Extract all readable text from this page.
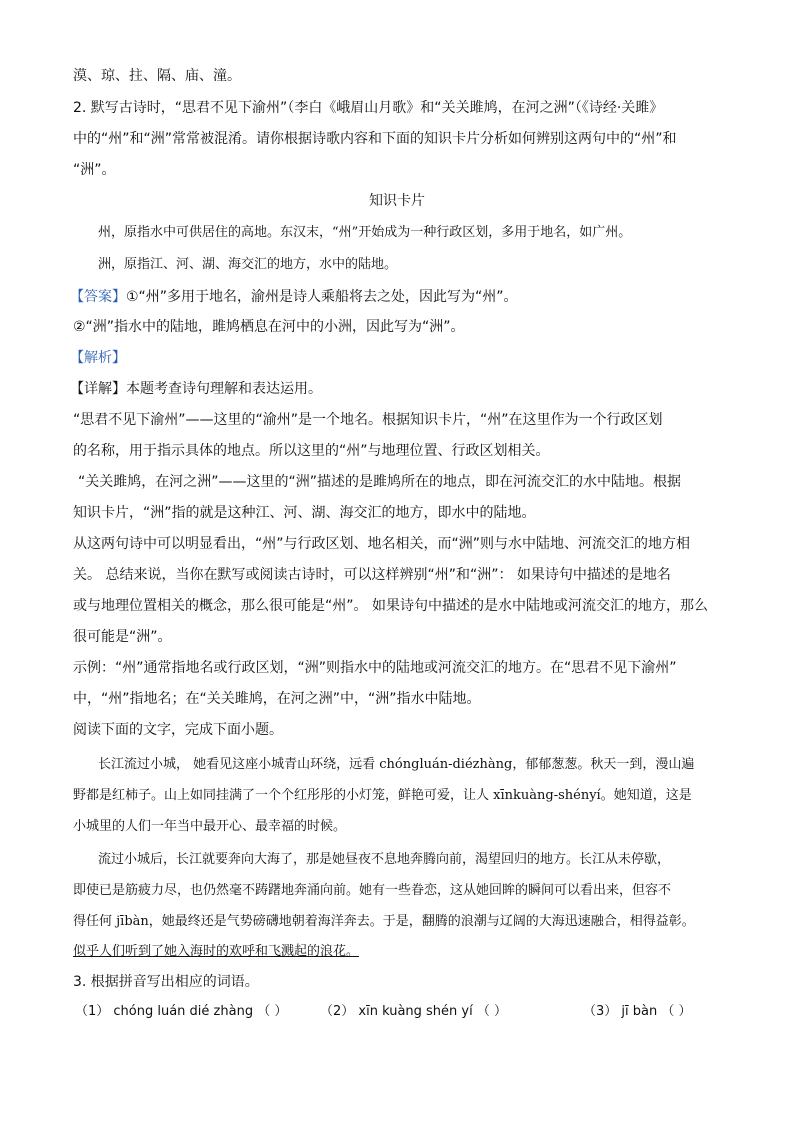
漠、琼、拄、隔、庙、潼。
2. 默写古诗时，“思君不见下渝州”（李白《峨眉山月歌》和“关关雎鸠，在河之洲”（《诗经·关雎》
中的“州”和“洲”常常被混淆。请你根据诗歌内容和下面的知识卡片分析如何辨别这两句中的“州”和
“洲”。
知识卡片
州，原指水中可供居住的高地。东汉末，“州”开始成为一种行政区划，多用于地名，如广州。
洲，原指江、河、湖、海交汇的地方，水中的陆地。
【答案】①“州”多用于地名，渝州是诗人乘船将去之处，因此写为“州”。
②“洲”指水中的陆地，雎鸠栖息在河中的小洲，因此写为“洲”。
【解析】
【详解】本题考查诗句理解和表达运用。
“思君不见下渝州”——这里的“渝州”是一个地名。根据知识卡片，“州”在这里作为一个行政区划
的名称，用于指示具体的地点。所以这里的“州”与地理位置、行政区划相关。
“关关雎鸠，在河之洲”——这里的“洲”描述的是雎鸠所在的地点，即在河流交汇的水中陆地。根据
知识卡片，“洲”指的就是这种江、河、湖、海交汇的地方，即水中的陆地。
从这两句诗中可以明显看出，“州”与行政区划、地名相关，而“洲”则与水中陆地、河流交汇的地方相
关。 总结来说，当你在默写或阅读古诗时，可以这样辨别“州”和“洲”： 如果诗句中描述的是地名
或与地理位置相关的概念，那么很可能是“州”。 如果诗句中描述的是水中陆地或河流交汇的地方，那么
很可能是“洲”。
示例：“州”通常指地名或行政区划，“洲”则指水中的陆地或河流交汇的地方。在“思君不见下渝州”
中，“州”指地名；在“关关雎鸠，在河之洲”中，“洲”指水中陆地。
阅读下面的文字，完成下面小题。
长江流过小城， 她看见这座小城青山环绕，远看 chóngluán-diézhàng，郁郁葱葱。秋天一到，漫山遍
野都是红柿子。山上如同挂满了一个个红彤彤的小灯笼，鲜艳可爱，让人 xīnkuàng-shényí。她知道，这是
小城里的人们一年当中最开心、最幸福的时候。
流过小城后，长江就要奔向大海了，那是她昼夜不息地奔腾向前，渴望回归的地方。长江从未停歇，
即使已是筋疲力尽，也仍然毫不踌躇地奔涌向前。她有一些眷恋，这从她回眸的瞬间可以看出来，但容不
得任何 jībàn，她最终还是气势磅礴地朝着海洋奔去。于是，翻腾的浪潮与辽阔的大海迅速融合，相得益彰。
似乎人们听到了她入海时的欢呼和飞溅起的浪花。
3. 根据拼音写出相应的词语。
（1） chóng luán dié zhàng （ ）	（2） xīn kuàng shén yí （ ）	（3） jī bàn （ ）
